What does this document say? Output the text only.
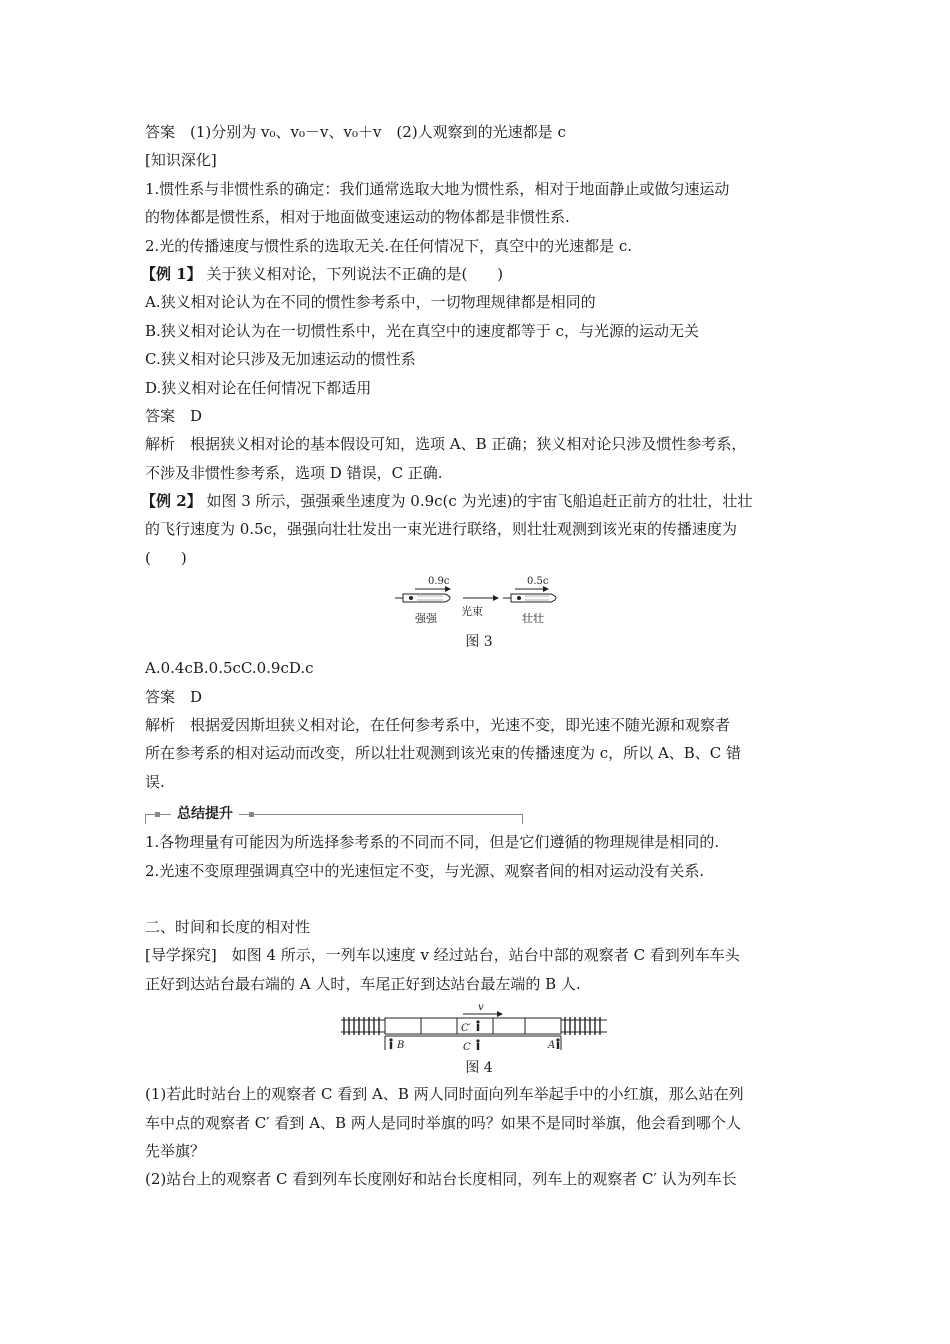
答案　(1)分别为 v₀、v₀－v、v₀＋v　(2)人观察到的光速都是 c
[知识深化]
1.惯性系与非惯性系的确定：我们通常选取大地为惯性系，相对于地面静止或做匀速运动
的物体都是惯性系，相对于地面做变速运动的物体都是非惯性系.
2.光的传播速度与惯性系的选取无关.在任何情况下，真空中的光速都是 c.
【例 1】 关于狭义相对论，下列说法不正确的是(　　)
A.狭义相对论认为在不同的惯性参考系中，一切物理规律都是相同的
B.狭义相对论认为在一切惯性系中，光在真空中的速度都等于 c，与光源的运动无关
C.狭义相对论只涉及无加速运动的惯性系
D.狭义相对论在任何情况下都适用
答案　D
解析　根据狭义相对论的基本假设可知，选项 A、B 正确；狭义相对论只涉及惯性参考系，
不涉及非惯性参考系，选项 D 错误，C 正确.
【例 2】 如图 3 所示，强强乘坐速度为 0.9c(c 为光速)的宇宙飞船追赶正前方的壮壮，壮壮
的飞行速度为 0.5c，强强向壮壮发出一束光进行联络，则壮壮观测到该光束的传播速度为
(　　)
0.9c	0.5c
强强
光束
壮壮
图 3
A.0.4cB.0.5cC.0.9cD.c
答案　D
解析　根据爱因斯坦狭义相对论，在任何参考系中，光速不变，即光速不随光源和观察者
所在参考系的相对运动而改变，所以壮壮观测到该光束的传播速度为 c，所以 A、B、C 错
误.
总结提升
1.各物理量有可能因为所选择参考系的不同而不同，但是它们遵循的物理规律是相同的.
2.光速不变原理强调真空中的光速恒定不变，与光源、观察者间的相对运动没有关系.
二、时间和长度的相对性
[导学探究]　如图 4 所示，一列车以速度 v 经过站台，站台中部的观察者 C 看到列车车头
正好到达站台最右端的 A 人时，车尾正好到达站台最左端的 B 人.
v
C′
B	C	A
图 4
(1)若此时站台上的观察者 C 看到 A、B 两人同时面向列车举起手中的小红旗，那么站在列
车中点的观察者 C′ 看到 A、B 两人是同时举旗的吗？如果不是同时举旗，他会看到哪个人
先举旗？
(2)站台上的观察者 C 看到列车长度刚好和站台长度相同，列车上的观察者 C′ 认为列车长
